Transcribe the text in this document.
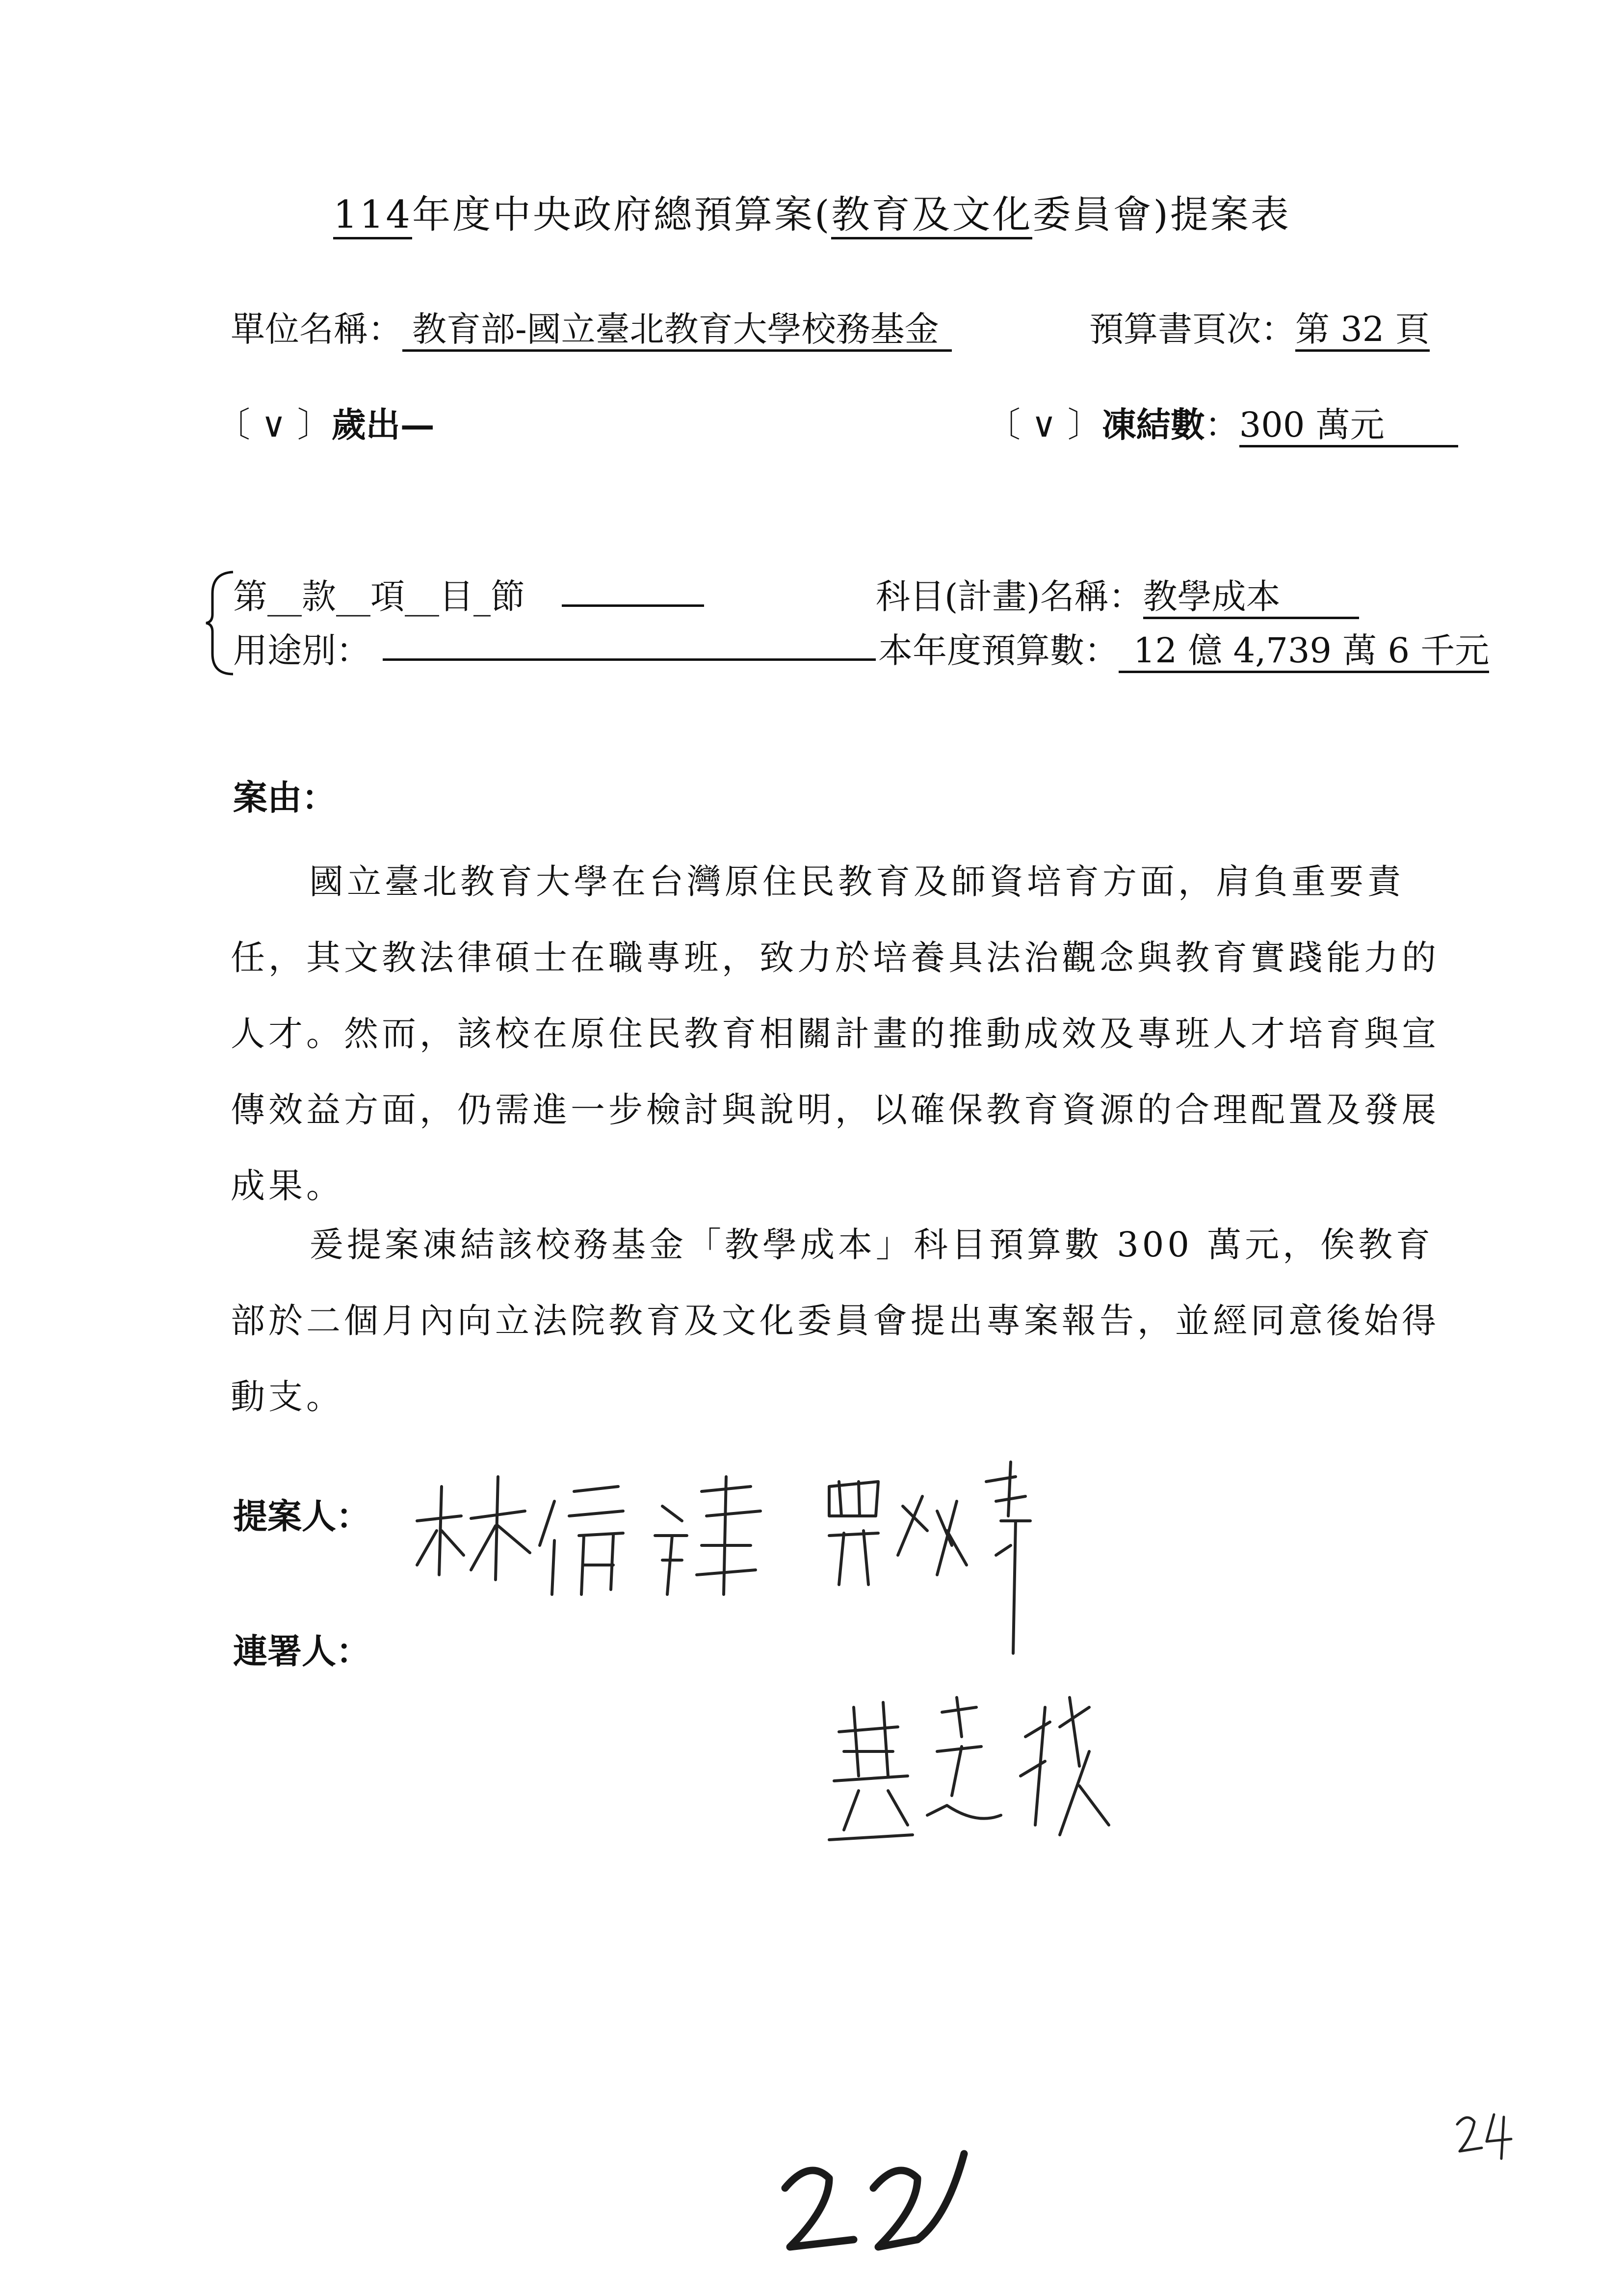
114年度中央政府總預算案(教育及文化委員會)提案表
單位名稱： 教育部-國立臺北教育大學校務基金	預算書頁次：第 32 頁
〔 ∨ 〕歲出—	〔 ∨ 〕凍結數：300 萬元
第__款__項__目_節	科目(計畫)名稱：教學成本
用途別：	本年度預算數： 12 億 4,739 萬 6 千元
案由：
國立臺北教育大學在台灣原住民教育及師資培育方面，肩負重要責任，其文教法律碩士在職專班，致力於培養具法治觀念與教育實踐能力的人才。然而，該校在原住民教育相關計畫的推動成效及專班人才培育與宣傳效益方面，仍需進一步檢討與說明，以確保教育資源的合理配置及發展成果。
爰提案凍結該校務基金「教學成本」科目預算數 300 萬元，俟教育部於二個月內向立法院教育及文化委員會提出專案報告，並經同意後始得動支。
提案人：
連署人：
